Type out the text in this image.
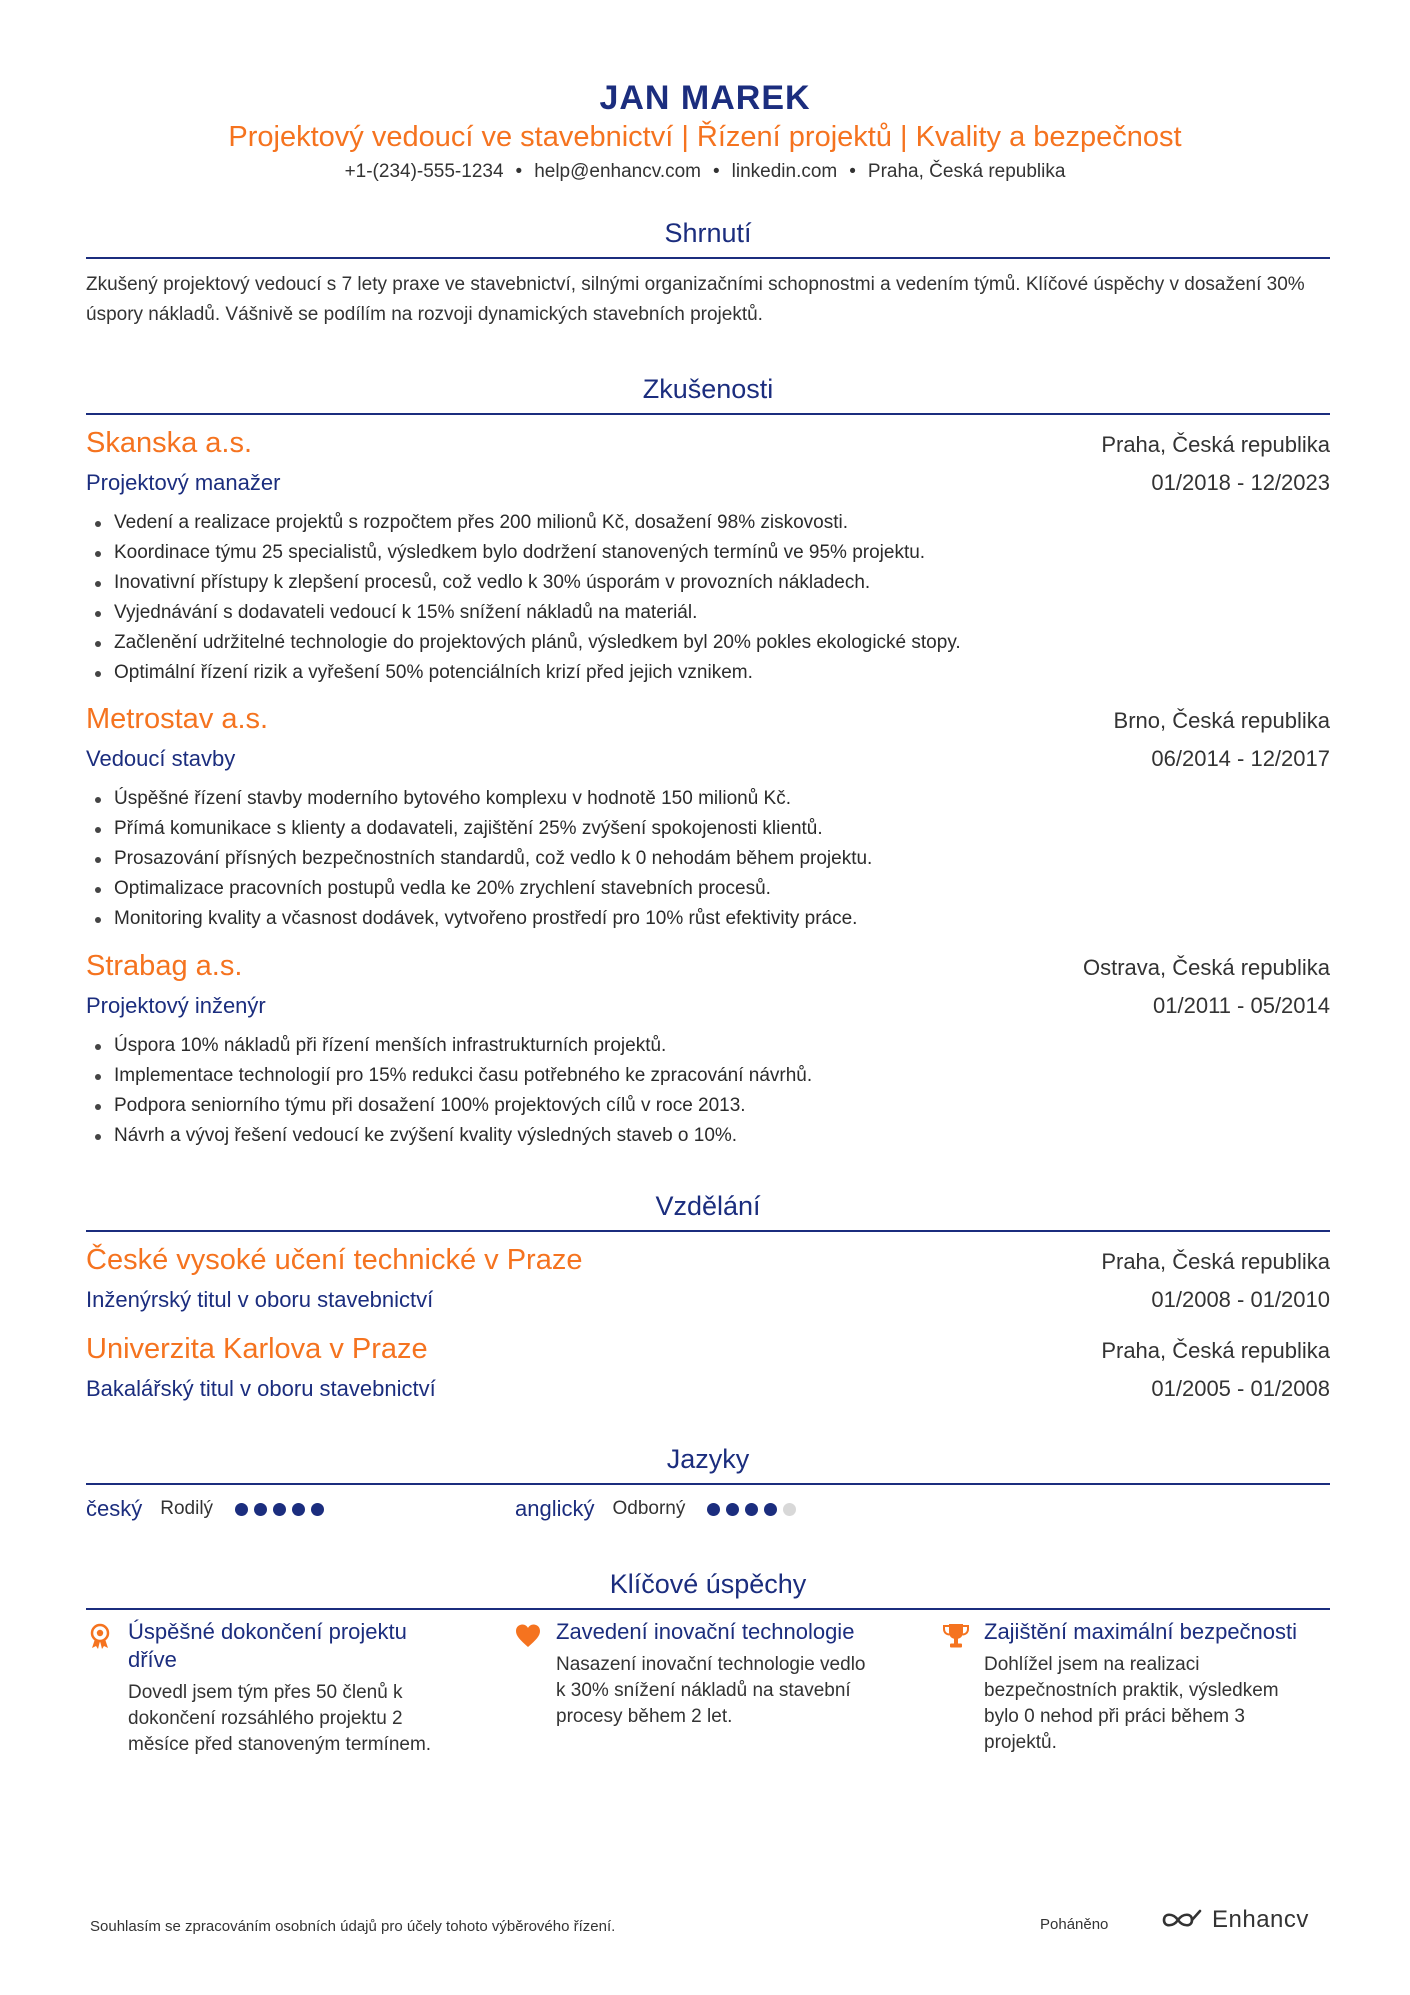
JAN MAREK
Projektový vedoucí ve stavebnictví | Řízení projektů | Kvality a bezpečnost
+1-(234)-555-1234 • help@enhancv.com • linkedin.com • Praha, Česká republika
Shrnutí
Zkušený projektový vedoucí s 7 lety praxe ve stavebnictví, silnými organizačními schopnostmi a vedením týmů. Klíčové úspěchy v dosažení 30% úspory nákladů. Vášnivě se podílím na rozvoji dynamických stavebních projektů.
Zkušenosti
Skanska a.s.	Praha, Česká republika
Projektový manažer	01/2018 - 12/2023
Vedení a realizace projektů s rozpočtem přes 200 milionů Kč, dosažení 98% ziskovosti.
Koordinace týmu 25 specialistů, výsledkem bylo dodržení stanovených termínů ve 95% projektu.
Inovativní přístupy k zlepšení procesů, což vedlo k 30% úsporám v provozních nákladech.
Vyjednávání s dodavateli vedoucí k 15% snížení nákladů na materiál.
Začlenění udržitelné technologie do projektových plánů, výsledkem byl 20% pokles ekologické stopy.
Optimální řízení rizik a vyřešení 50% potenciálních krizí před jejich vznikem.
Metrostav a.s.	Brno, Česká republika
Vedoucí stavby	06/2014 - 12/2017
Úspěšné řízení stavby moderního bytového komplexu v hodnotě 150 milionů Kč.
Přímá komunikace s klienty a dodavateli, zajištění 25% zvýšení spokojenosti klientů.
Prosazování přísných bezpečnostních standardů, což vedlo k 0 nehodám během projektu.
Optimalizace pracovních postupů vedla ke 20% zrychlení stavebních procesů.
Monitoring kvality a včasnost dodávek, vytvořeno prostředí pro 10% růst efektivity práce.
Strabag a.s.	Ostrava, Česká republika
Projektový inženýr	01/2011 - 05/2014
Úspora 10% nákladů při řízení menších infrastrukturních projektů.
Implementace technologií pro 15% redukci času potřebného ke zpracování návrhů.
Podpora seniorního týmu při dosažení 100% projektových cílů v roce 2013.
Návrh a vývoj řešení vedoucí ke zvýšení kvality výsledných staveb o 10%.
Vzdělání
České vysoké učení technické v Praze	Praha, Česká republika
Inženýrský titul v oboru stavebnictví	01/2008 - 01/2010
Univerzita Karlova v Praze	Praha, Česká republika
Bakalářský titul v oboru stavebnictví	01/2005 - 01/2008
Jazyky
český Rodilý	anglický Odborný
Klíčové úspěchy
Úspěšné dokončení projektu dříve
Dovedl jsem tým přes 50 členů k dokončení rozsáhlého projektu 2 měsíce před stanoveným termínem.
Zavedení inovační technologie
Nasazení inovační technologie vedlo k 30% snížení nákladů na stavební procesy během 2 let.
Zajištění maximální bezpečnosti
Dohlížel jsem na realizaci bezpečnostních praktik, výsledkem bylo 0 nehod při práci během 3 projektů.
Souhlasím se zpracováním osobních údajů pro účely tohoto výběrového řízení.	Poháněno	Enhancv
